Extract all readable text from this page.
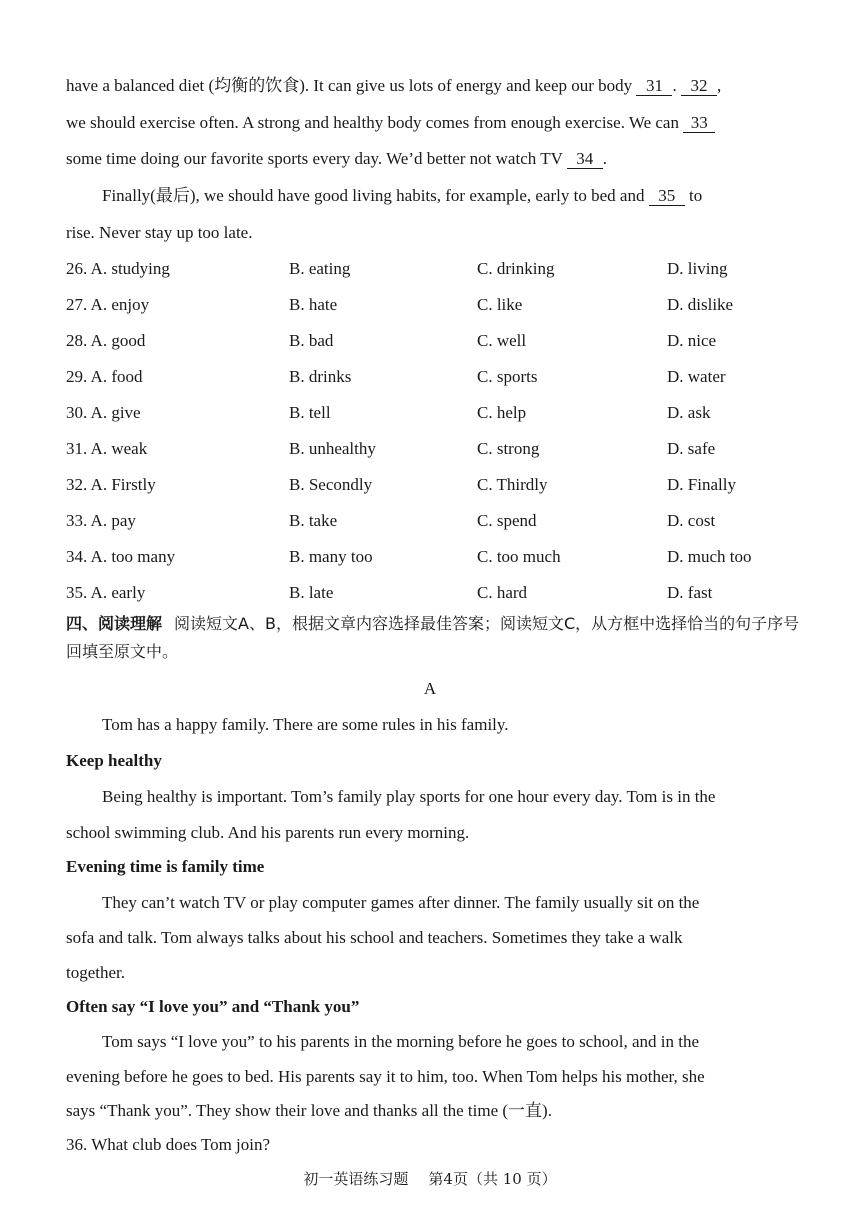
have a balanced diet (均衡的饮食). It can give us lots of energy and keep our body 31 . 32 ,
we should exercise often. A strong and healthy body comes from enough exercise. We can 33
some time doing our favorite sports every day. We’d better not watch TV 34 .
Finally(最后), we should have good living habits, for example, early to bed and 35 to
rise. Never stay up too late.
26. A. studying	B. eating	C. drinking	D. living
27. A. enjoy	B. hate	C. like	D. dislike
28. A. good	B. bad	C. well	D. nice
29. A. food	B. drinks	C. sports	D. water
30. A. give	B. tell	C. help	D. ask
31. A. weak	B. unhealthy	C. strong	D. safe
32. A. Firstly	B. Secondly	C. Thirdly	D. Finally
33. A. pay	B. take	C. spend	D. cost
34. A. too many	B. many too	C. too much	D. much too
35. A. early	B. late	C. hard	D. fast
四、阅读理解 阅读短文A、B，根据文章内容选择最佳答案；阅读短文C，从方框中选择恰当的句子序号回填至原文中。
A
Tom has a happy family. There are some rules in his family.
Keep healthy
Being healthy is important. Tom’s family play sports for one hour every day. Tom is in the
school swimming club. And his parents run every morning.
Evening time is family time
They can’t watch TV or play computer games after dinner. The family usually sit on the
sofa and talk. Tom always talks about his school and teachers. Sometimes they take a walk
together.
Often say “I love you” and “Thank you”
Tom says “I love you” to his parents in the morning before he goes to school, and in the
evening before he goes to bed. His parents say it to him, too. When Tom helps his mother, she
says “Thank you”. They show their love and thanks all the time (一直).
36. What club does Tom join?
初一英语练习题 第4页（共 10 页）
